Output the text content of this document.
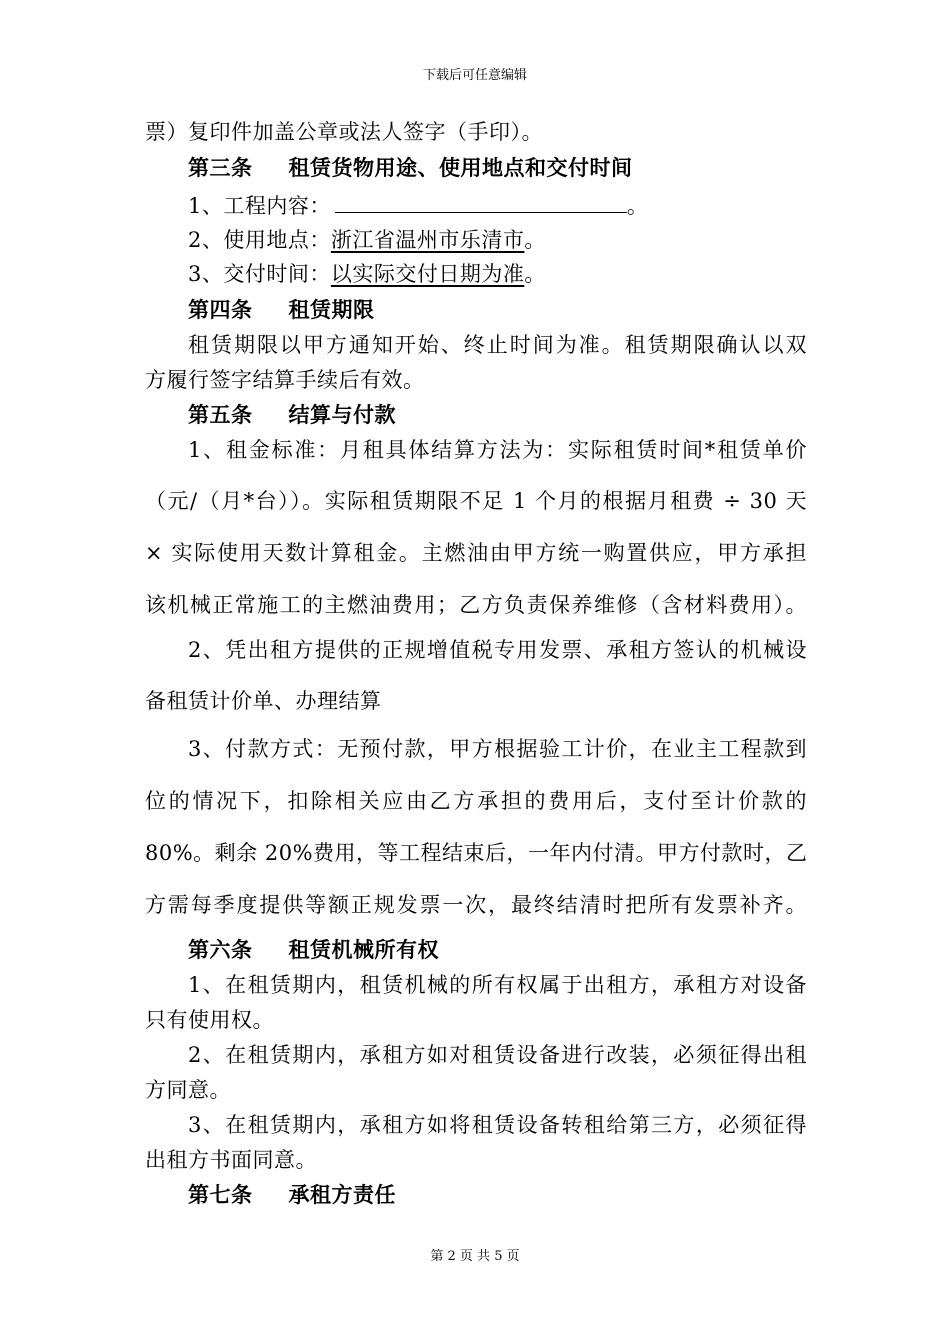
下载后可任意编辑
票）复印件加盖公章或法人签字（手印）。
第三条 租赁货物用途、使用地点和交付时间
1、工程内容：	。
2、使用地点：浙江省温州市乐清市。
3、交付时间：以实际交付日期为准。
第四条 租赁期限
租赁期限以甲方通知开始、终止时间为准。租赁期限确认以双
方履行签字结算手续后有效。
第五条 结算与付款
1、租金标准：月租具体结算方法为：实际租赁时间*租赁单价
（元/（月*台））。实际租赁期限不足 1 个月的根据月租费 ÷ 30 天
× 实际使用天数计算租金。主燃油由甲方统一购置供应，甲方承担
该机械正常施工的主燃油费用；乙方负责保养维修（含材料费用）。
2、凭出租方提供的正规增值税专用发票、承租方签认的机械设
备租赁计价单、办理结算
3、付款方式：无预付款，甲方根据验工计价，在业主工程款到
位的情况下，扣除相关应由乙方承担的费用后，支付至计价款的
80%。剩余 20%费用，等工程结束后，一年内付清。甲方付款时，乙
方需每季度提供等额正规发票一次，最终结清时把所有发票补齐。
第六条 租赁机械所有权
1、在租赁期内，租赁机械的所有权属于出租方，承租方对设备
只有使用权。
2、在租赁期内，承租方如对租赁设备进行改装，必须征得出租
方同意。
3、在租赁期内，承租方如将租赁设备转租给第三方，必须征得
出租方书面同意。
第七条 承租方责任
第 2 页 共 5 页
